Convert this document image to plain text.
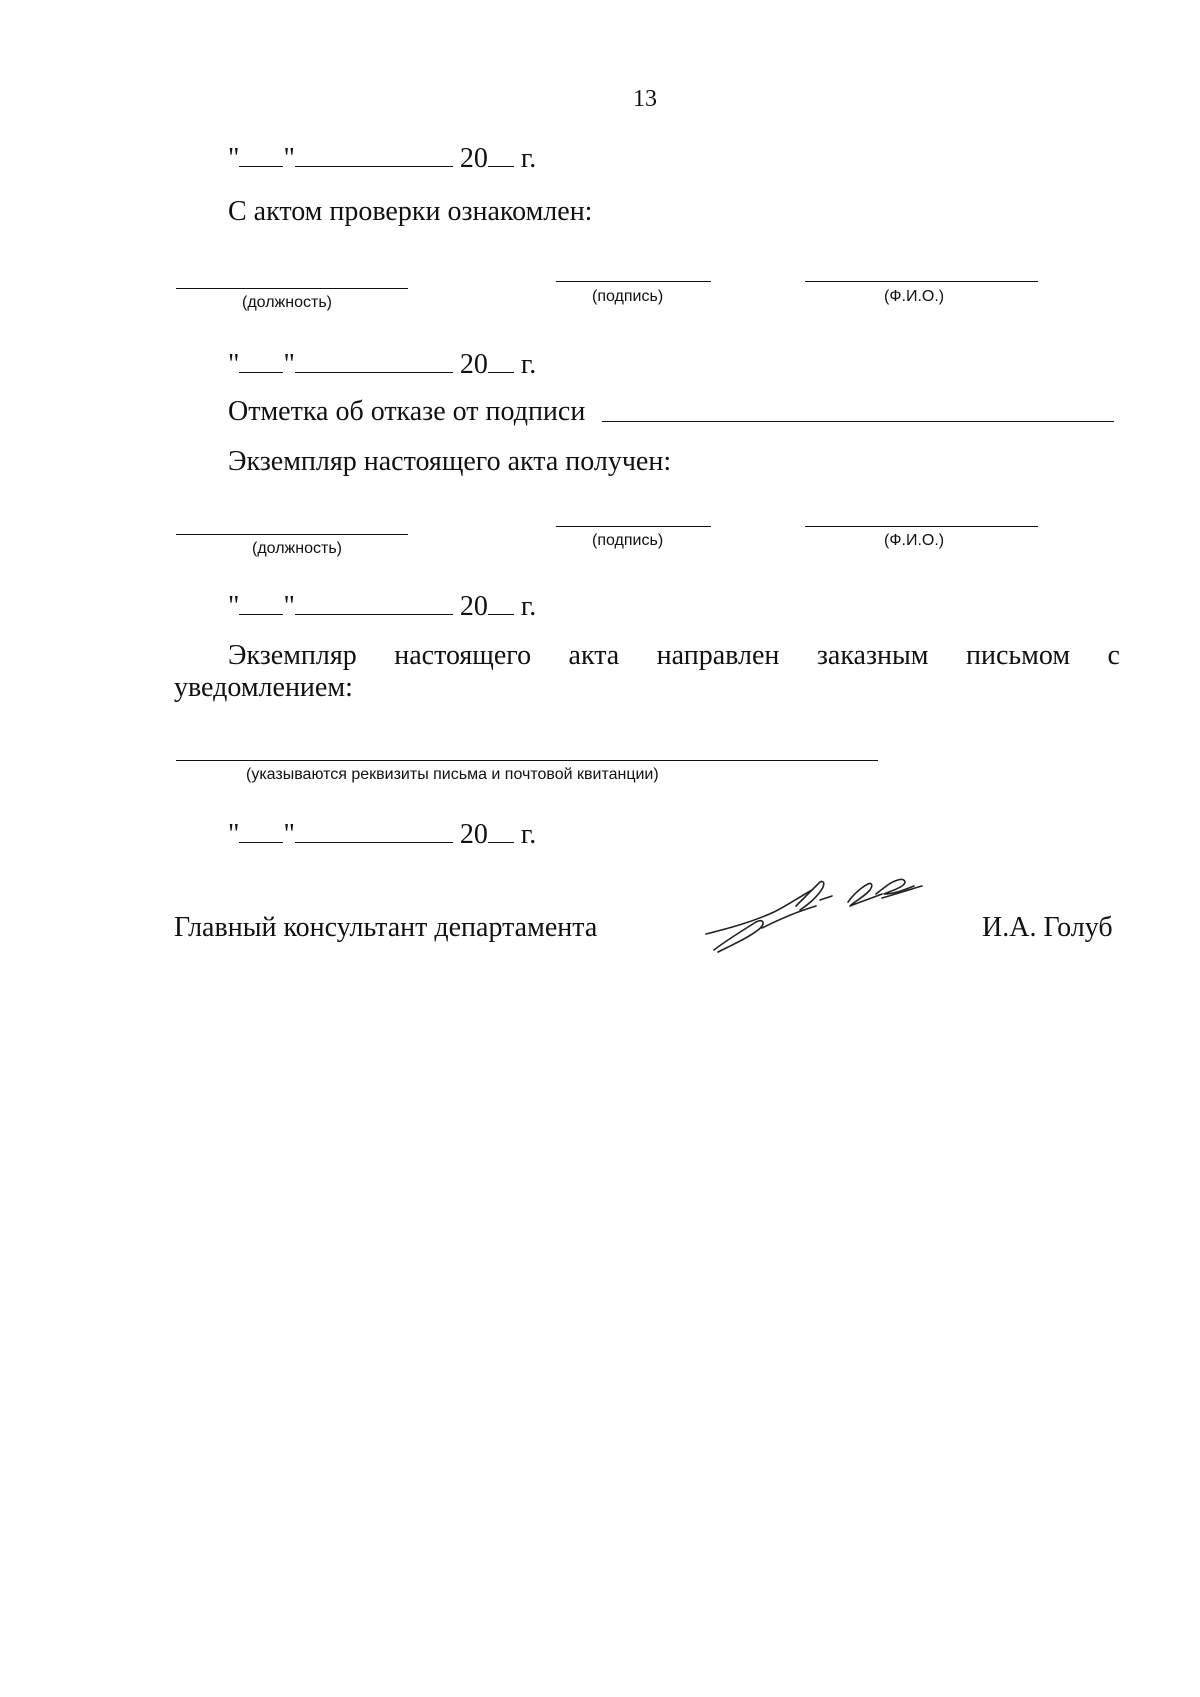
13
" "	20 г.
С актом проверки ознакомлен:
(должность)	(подпись)	(Ф.И.О.)
" "	20 г.
Отметка об отказе от подписи
Экземпляр настоящего акта получен:
(должность)	(подпись)	(Ф.И.О.)
" "	20 г.
Экземпляр настоящего акта направлен заказным письмом с
уведомлением:
(указываются реквизиты письма и почтовой квитанции)
" "	20 г.
Главный консультант департамента	И.А. Голуб
